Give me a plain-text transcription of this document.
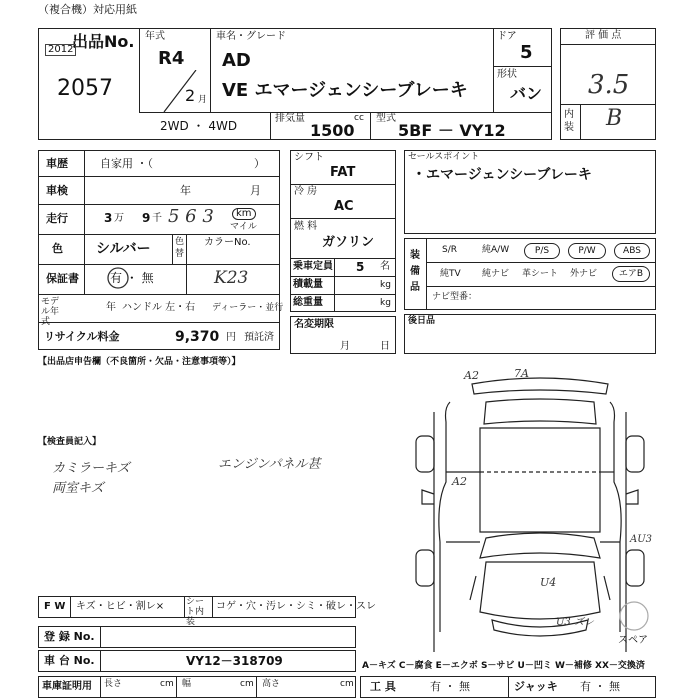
（複合機）対応用紙
出品No.
2012
2057
年式
R4
2 月
車名・グレード
AD
VE エマージェンシーブレーキ
ドア
5
形状
バン
2WD ・ 4WD
排気量	cc
1500
型式
5BF － VY12
評 価 点
3.5
内装 B
車歴	自家用 ・（	）
車検	年	月
走行	3 万 9 千 5 6 3	km
マイル
色 シルバー	色替
カラーNo.
保証書	有 ・ 無	K23
モデル年式
年 ハンドル 左・右 ディーラー・並行
リサイクル料金	9,370 円 預託済
シフト
FAT
冷 房
AC
燃 料
ガソリン
乗車定員 5 名
積載量	kg
総重量	kg
名変期限
月	日
セールスポイント
・エマージェンシーブレーキ
装備品
S/R	純A/W	P/S	P/W	ABS
純TV 純ナビ 革シート 外ナビ	エアB
ナビ型番：
後日品
【出品店申告欄（不良箇所・欠品・注意事項等）】
【検査員記入】
カミラーキズ	エンジンパネル甚
両室キズ
A2	7A
A2
AU3
U4
U3 ズレ
スペア
F W キズ・ヒビ・割レ× シート内 装
コゲ・穴・汚レ・シミ・破レ・スレ
登 録 No.
車 台 No.	VY12－318709	A－キズ C－腐食 E－エクボ S－サビ U－凹ミ W－補修 XX－交換済
車庫証明用 長さ	cm 幅	cm 高さ	cm 工 具	有 ・ 無	ジャッキ 有 ・ 無
